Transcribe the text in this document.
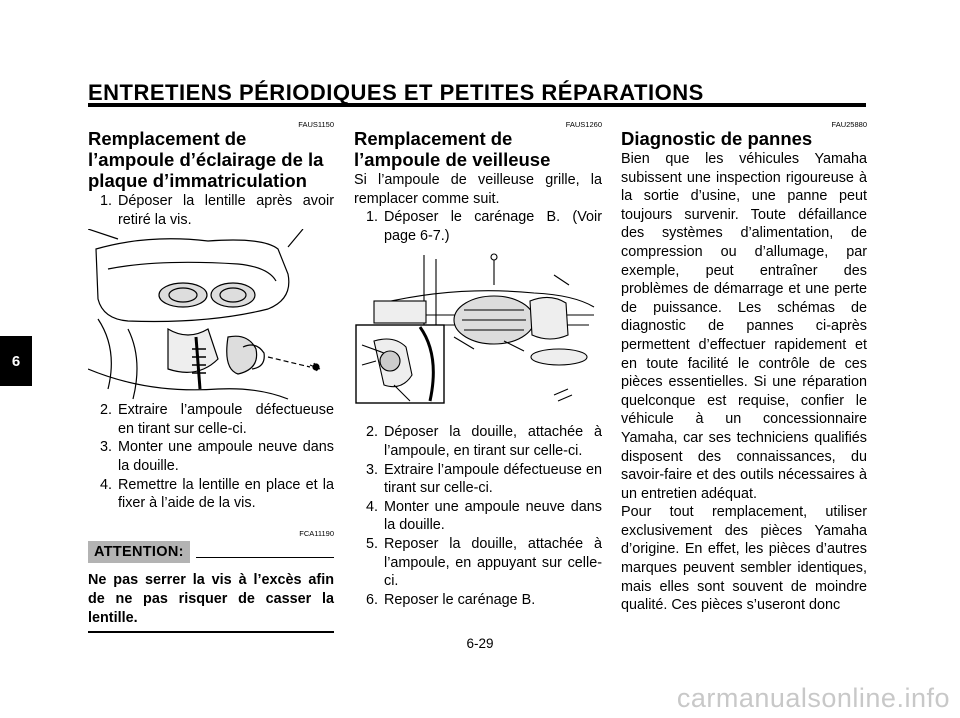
ENTRETIENS PÉRIODIQUES ET PETITES RÉPARATIONS
6
FAUS1150
Remplacement de l’ampoule d’éclairage de la plaque d’immatriculation
1. Déposer la lentille après avoir retiré la vis.
2. Extraire l’ampoule défectueuse en tirant sur celle-ci.
3. Monter une ampoule neuve dans la douille.
4. Remettre la lentille en place et la fixer à l’aide de la vis.
FCA11190
ATTENTION:
Ne pas serrer la vis à l’excès afin de ne pas risquer de casser la lentille.
FAUS1260
Remplacement de l’ampoule de veilleuse

Si l’ampoule de veilleuse grille, la remplacer comme suit.

1. Déposer le carénage B. (Voir page 6-7.)
2. Déposer la douille, attachée à l’ampoule, en tirant sur celle-ci.
3. Extraire l’ampoule défectueuse en tirant sur celle-ci.
4. Monter une ampoule neuve dans la douille.
5. Reposer la douille, attachée à l’ampoule, en appuyant sur celle-ci.
6. Reposer le carénage B.
FAU25880
Diagnostic de pannes

Bien que les véhicules Yamaha subissent une inspection rigoureuse à la sortie d’usine, une panne peut toujours survenir. Toute défaillance des systèmes d’alimentation, de compression ou d’allumage, par exemple, peut entraîner des problèmes de démarrage et une perte de puissance. Les schémas de diagnostic de pannes ci-après permettent d’effectuer rapidement et en toute facilité le contrôle de ces pièces essentielles. Si une réparation quelconque est requise, confier le véhicule à un concessionnaire Yamaha, car ses techniciens qualifiés disposent des connaissances, du savoir-faire et des outils nécessaires à un entretien adéquat.

Pour tout remplacement, utiliser exclusivement des pièces Yamaha d’origine. En effet, les pièces d’autres marques peuvent sembler identiques, mais elles sont souvent de moindre qualité. Ces pièces s’useront donc

6-29
carmanualsonline.info
